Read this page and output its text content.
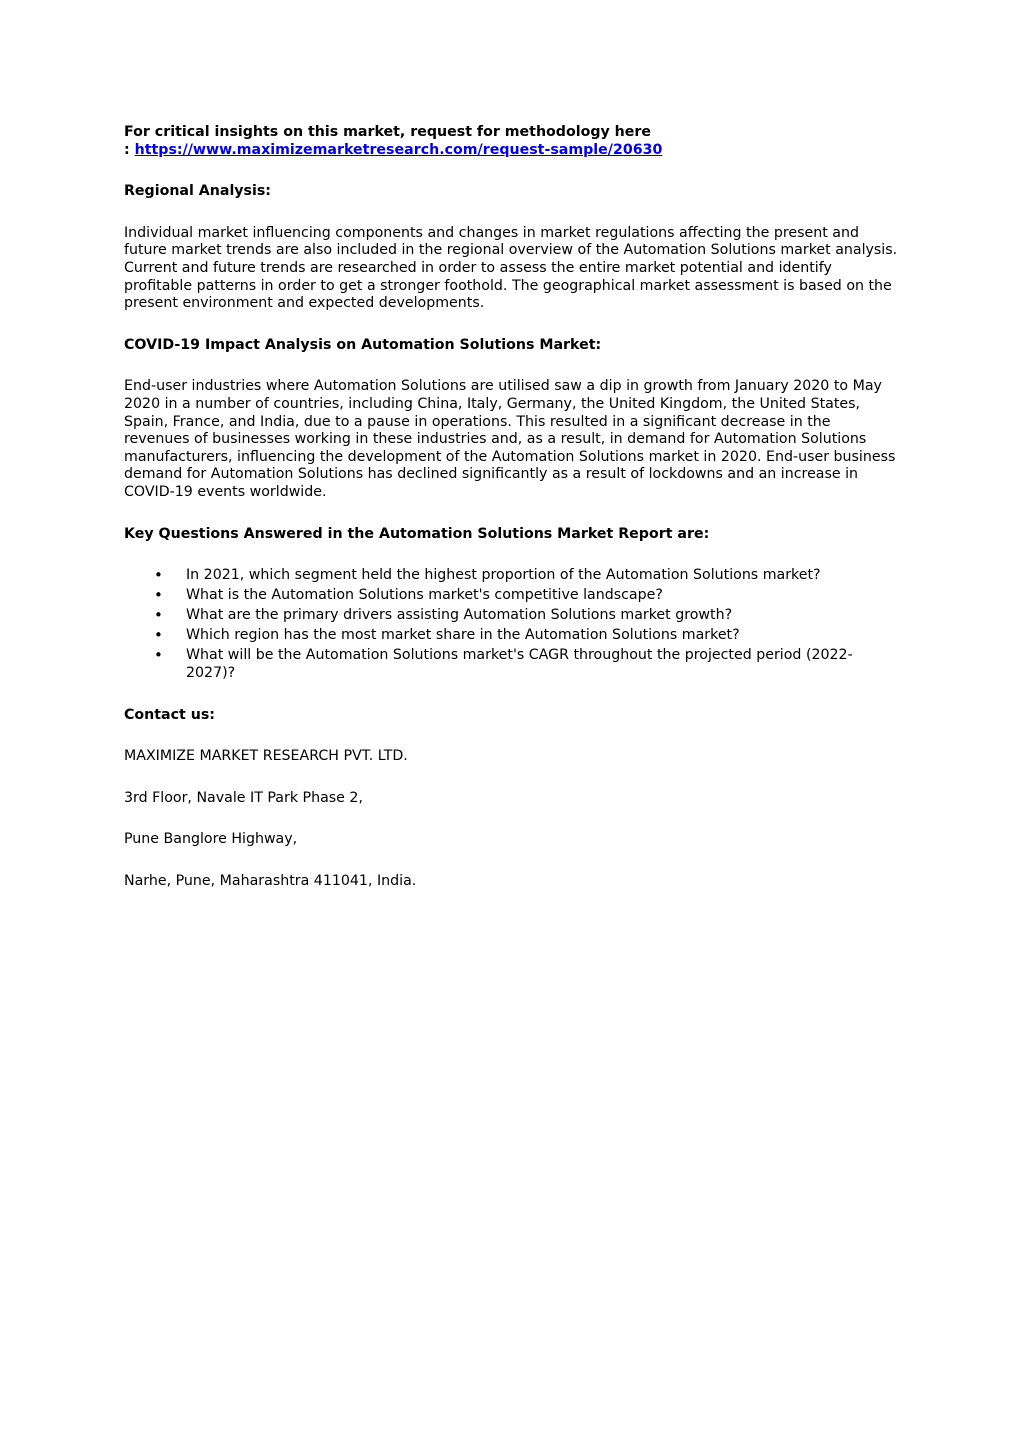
For critical insights on this market, request for methodology here
: https://www.maximizemarketresearch.com/request-sample/20630

Regional Analysis:

Individual market influencing components and changes in market regulations affecting the present and future market trends are also included in the regional overview of the Automation Solutions market analysis. Current and future trends are researched in order to assess the entire market potential and identify profitable patterns in order to get a stronger foothold. The geographical market assessment is based on the present environment and expected developments.

COVID-19 Impact Analysis on Automation Solutions Market:

End-user industries where Automation Solutions are utilised saw a dip in growth from January 2020 to May 2020 in a number of countries, including China, Italy, Germany, the United Kingdom, the United States, Spain, France, and India, due to a pause in operations. This resulted in a significant decrease in the revenues of businesses working in these industries and, as a result, in demand for Automation Solutions manufacturers, influencing the development of the Automation Solutions market in 2020. End-user business demand for Automation Solutions has declined significantly as a result of lockdowns and an increase in COVID-19 events worldwide.

Key Questions Answered in the Automation Solutions Market Report are:

• In 2021, which segment held the highest proportion of the Automation Solutions market?
• What is the Automation Solutions market's competitive landscape?
• What are the primary drivers assisting Automation Solutions market growth?
• Which region has the most market share in the Automation Solutions market?
• What will be the Automation Solutions market's CAGR throughout the projected period (2022-2027)?

Contact us:

MAXIMIZE MARKET RESEARCH PVT. LTD.

3rd Floor, Navale IT Park Phase 2,

Pune Banglore Highway,

Narhe, Pune, Maharashtra 411041, India.
